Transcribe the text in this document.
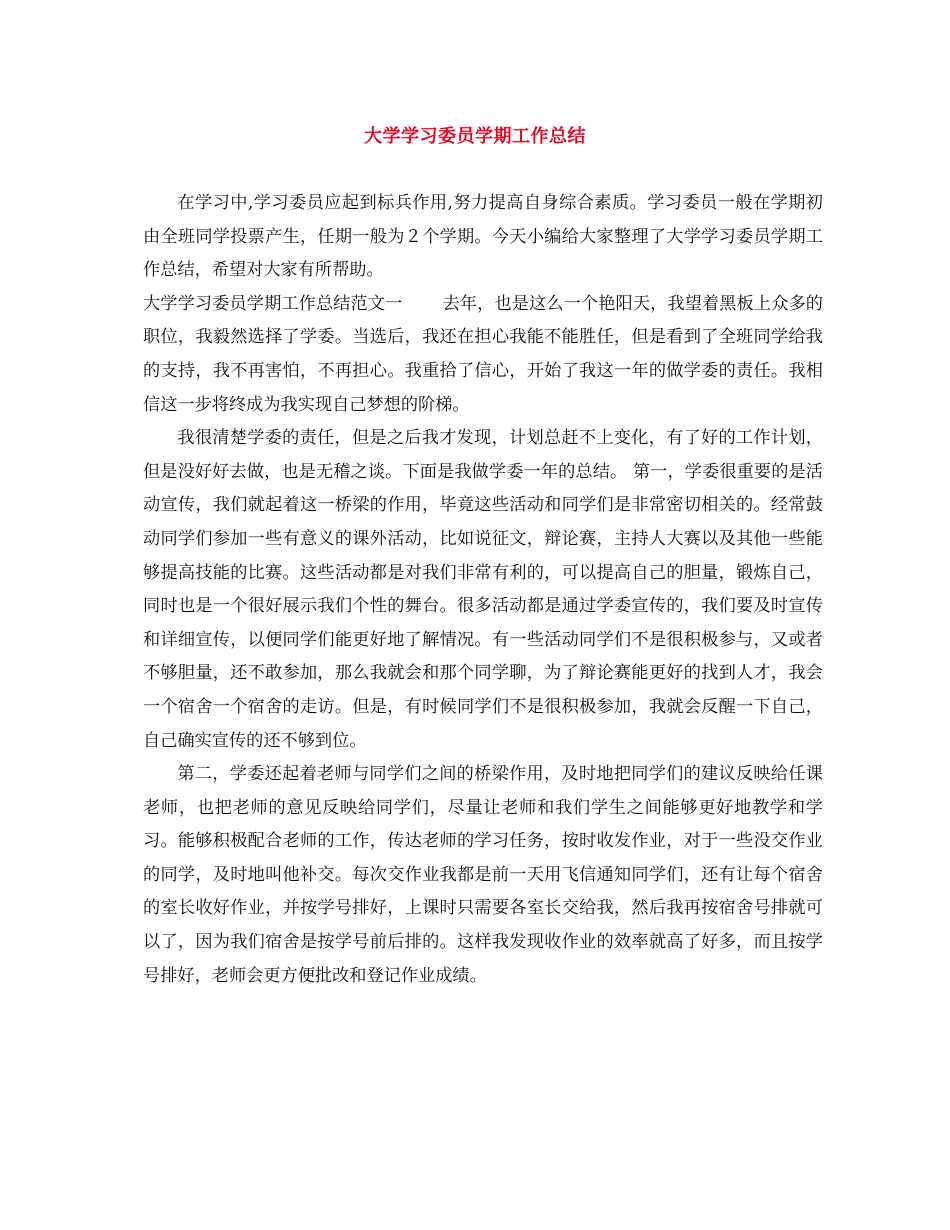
大学学习委员学期工作总结

在学习中,学习委员应起到标兵作用,努力提高自身综合素质。学习委员一般在学期初由全班同学投票产生，任期一般为２个学期。今天小编给大家整理了大学学习委员学期工作总结，希望对大家有所帮助。

大学学习委员学期工作总结范文一 去年，也是这么一个艳阳天，我望着黑板上众多的职位，我毅然选择了学委。当选后，我还在担心我能不能胜任，但是看到了全班同学给我的支持，我不再害怕，不再担心。我重拾了信心，开始了我这一年的做学委的责任。我相信这一步将终成为我实现自己梦想的阶梯。

我很清楚学委的责任，但是之后我才发现，计划总赶不上变化，有了好的工作计划，但是没好好去做，也是无稽之谈。下面是我做学委一年的总结。 第一，学委很重要的是活动宣传，我们就起着这一桥梁的作用，毕竟这些活动和同学们是非常密切相关的。经常鼓动同学们参加一些有意义的课外活动，比如说征文，辩论赛，主持人大赛以及其他一些能够提高技能的比赛。这些活动都是对我们非常有利的，可以提高自己的胆量，锻炼自己，同时也是一个很好展示我们个性的舞台。很多活动都是通过学委宣传的，我们要及时宣传和详细宣传，以便同学们能更好地了解情况。有一些活动同学们不是很积极参与，又或者不够胆量，还不敢参加，那么我就会和那个同学聊，为了辩论赛能更好的找到人才，我会一个宿舍一个宿舍的走访。但是，有时候同学们不是很积极参加，我就会反醒一下自己，自己确实宣传的还不够到位。

第二，学委还起着老师与同学们之间的桥梁作用，及时地把同学们的建议反映给任课老师，也把老师的意见反映给同学们，尽量让老师和我们学生之间能够更好地教学和学习。能够积极配合老师的工作，传达老师的学习任务，按时收发作业，对于一些没交作业的同学，及时地叫他补交。每次交作业我都是前一天用飞信通知同学们，还有让每个宿舍的室长收好作业，并按学号排好，上课时只需要各室长交给我，然后我再按宿舍号排就可以了，因为我们宿舍是按学号前后排的。这样我发现收作业的效率就高了好多，而且按学号排好，老师会更方便批改和登记作业成绩。
